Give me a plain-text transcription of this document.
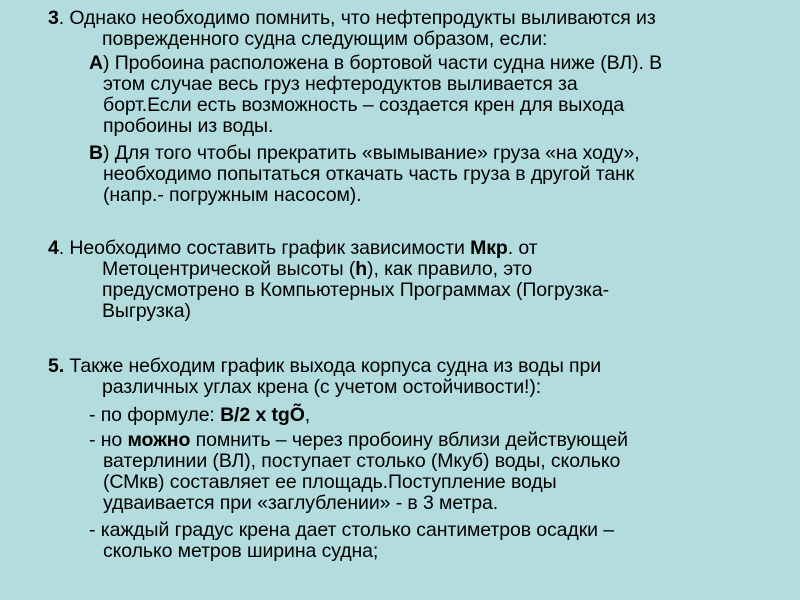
3. Однако необходимо помнить, что нефтепродукты выливаются из
поврежденного судна следующим образом, если:
А) Пробоина расположена в бортовой части судна ниже (ВЛ). В
этом случае весь груз нефтеродуктов выливается за
борт.Если есть возможность – создается крен для выхода
пробоины из воды.
В) Для того чтобы прекратить «вымывание» груза «на ходу»,
необходимо попытаться откачать часть груза в другой танк
(напр.- погружным насосом).
4. Необходимо составить график зависимости Мкр. от
Метоцентрической высоты (h), как правило, это
предусмотрено в Компьютерных Программах (Погрузка-
Выгрузка)
5. Также небходим график выхода корпуса судна из воды при
различных углах крена (с учетом остойчивости!):
- по формуле: B/2 x tgÕ,
- но можно помнить – через пробоину вблизи действующей
ватерлинии (ВЛ), поступает столько (Мкуб) воды, сколько
(СМкв) составляет ее площадь.Поступление воды
удваивается при «заглублении» - в 3 метра.
- каждый градус крена дает столько сантиметров осадки –
сколько метров ширина судна;
